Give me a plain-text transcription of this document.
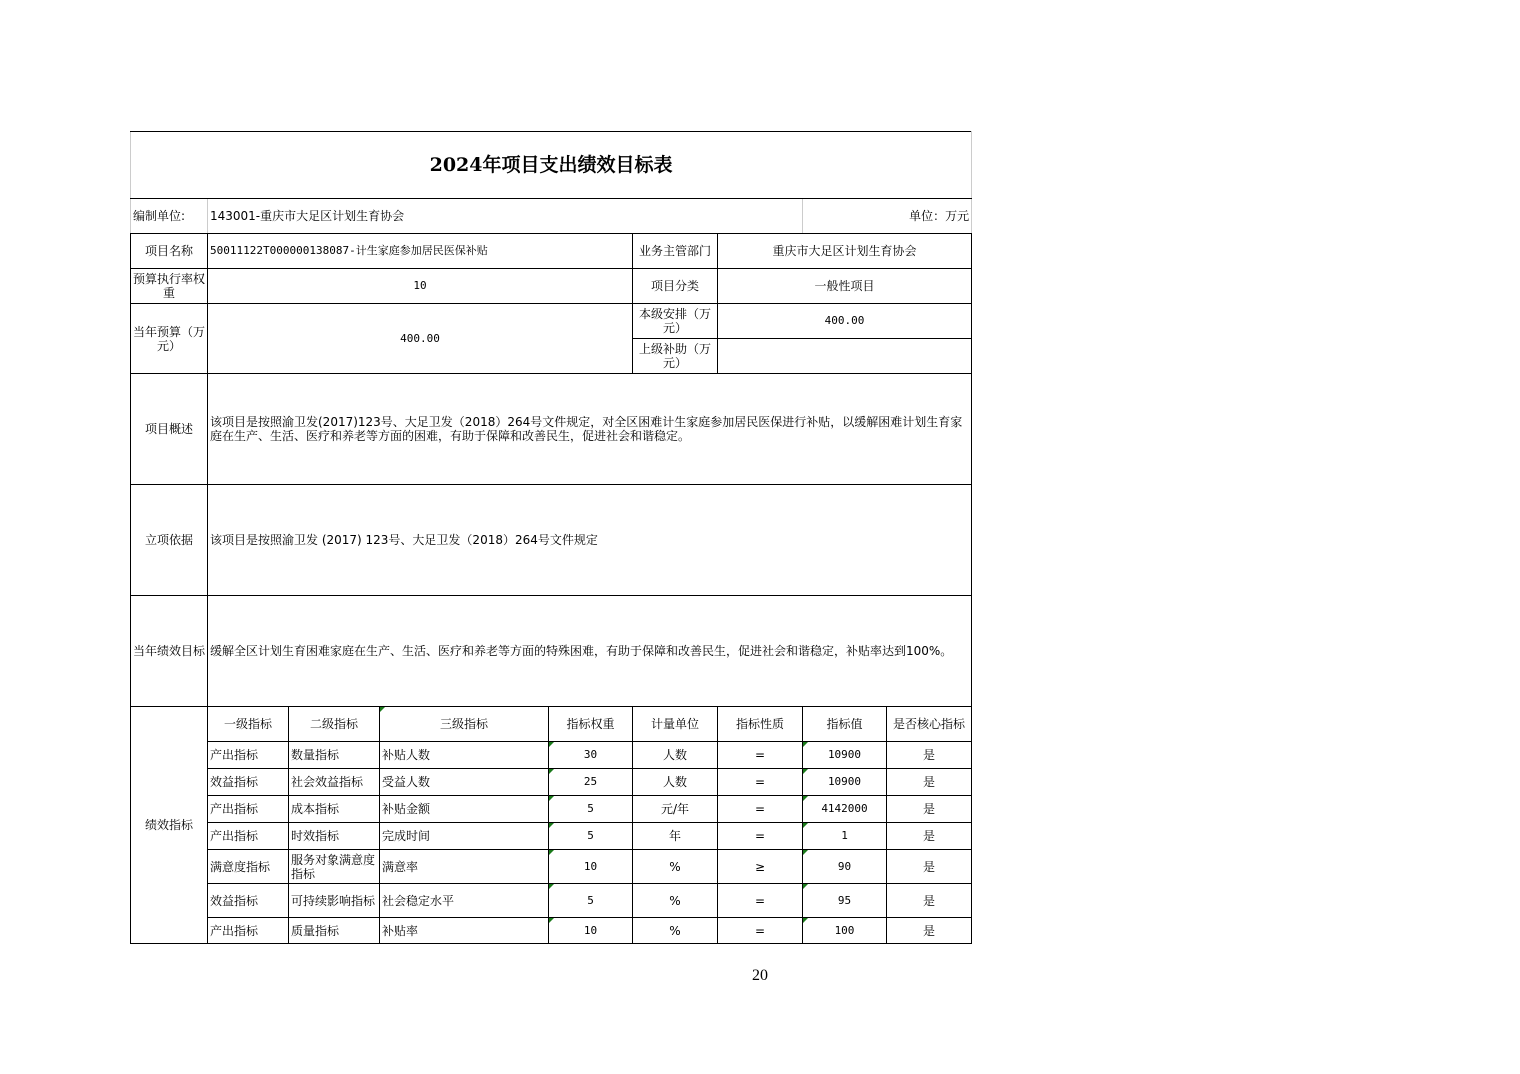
2024年项目支出绩效目标表								
编制单位:	143001-重庆市大足区计划生育协会						单位：万元	
项目名称	50011122T000000138087-计生家庭参加居民医保补贴				业务主管部门	重庆市大足区计划生育协会		
预算执行率权重	10				项目分类	一般性项目		
当年预算（万元）	400.00				本级安排（万元）	400.00		
					上级补助（万元）			
项目概述	该项目是按照渝卫发(2017)123号、大足卫发（2018）264号文件规定，对全区困难计生家庭参加居民医保进行补贴，以缓解困难计划生育家庭在生产、生活、医疗和养老等方面的困难，有助于保障和改善民生，促进社会和谐稳定。							
立项依据	该项目是按照渝卫发 (2017) 123号、大足卫发（2018）264号文件规定							
当年绩效目标	缓解全区计划生育困难家庭在生产、生活、医疗和养老等方面的特殊困难，有助于保障和改善民生，促进社会和谐稳定，补贴率达到100%。							
绩效指标	一级指标	二级指标	三级指标	指标权重	计量单位	指标性质	指标值	是否核心指标
	产出指标	数量指标	补贴人数	30	人数	=	10900	是
	效益指标	社会效益指标	受益人数	25	人数	=	10900	是
	产出指标	成本指标	补贴金额	5	元/年	=	4142000	是
	产出指标	时效指标	完成时间	5	年	=	1	是
	满意度指标	服务对象满意度指标	满意率	10	%	≥	90	是
	效益指标	可持续影响指标	社会稳定水平	5	%	=	95	是
	产出指标	质量指标	补贴率	10	%	=	100	是
20
